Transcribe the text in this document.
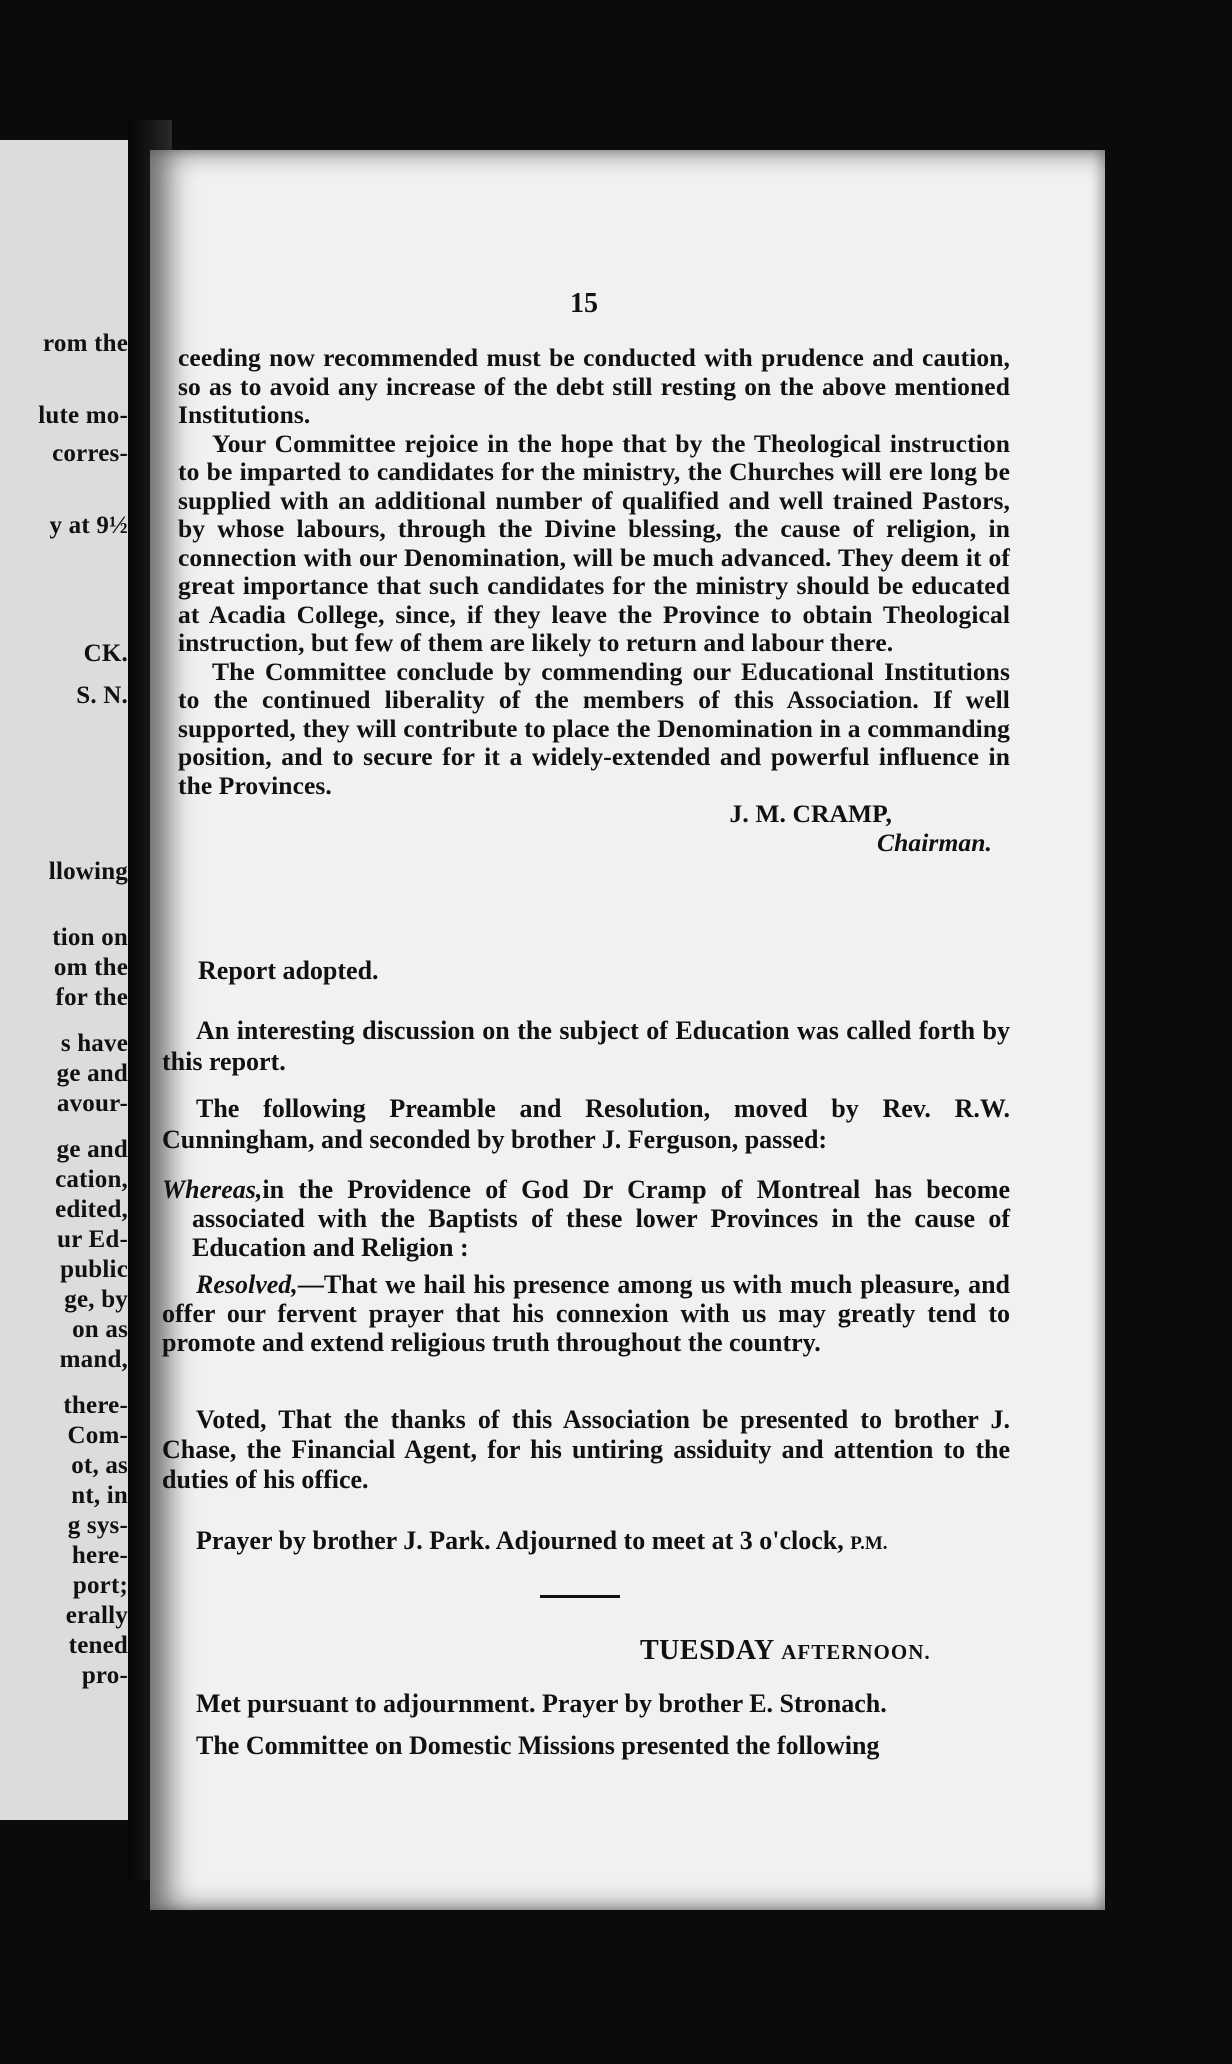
rom the
lute mo-
corres-
y at 9½
CK.
S. N.
llowing
tion on
om the
for the
s have
ge and
avour-
ge and
cation,
edited,
ur Ed-
public
ge, by
on as
mand,
there-
Com-
ot, as
nt, in
g sys-
here-
port;
erally
tened
pro-
15

ceeding now recommended must be conducted with prudence and caution, so as to avoid any increase of the debt still resting on the above mentioned Institutions.

Your Committee rejoice in the hope that by the Theological instruction to be imparted to candidates for the ministry, the Churches will ere long be supplied with an additional number of qualified and well trained Pastors, by whose labours, through the Divine blessing, the cause of religion, in connection with our Denomination, will be much advanced. They deem it of great importance that such candidates for the ministry should be educated at Acadia College, since, if they leave the Province to obtain Theological instruction, but few of them are likely to return and labour there.

The Committee conclude by commending our Educational Institutions to the continued liberality of the members of this Association. If well supported, they will contribute to place the Denomination in a commanding position, and to secure for it a widely-extended and powerful influence in the Provinces.

J. M. CRAMP,

Chairman.

Report adopted.

An interesting discussion on the subject of Education was called forth by this report.

The following Preamble and Resolution, moved by Rev. R.W. Cunningham, and seconded by brother J. Ferguson, passed:

Whereas,in the Providence of God Dr Cramp of Montreal has become associated with the Baptists of these lower Provinces in the cause of Education and Religion :

Resolved,—That we hail his presence among us with much pleasure, and offer our fervent prayer that his connexion with us may greatly tend to promote and extend religious truth throughout the country.

Voted, That the thanks of this Association be presented to brother J. Chase, the Financial Agent, for his untiring assiduity and attention to the duties of his office.

Prayer by brother J. Park. Adjourned to meet at 3 o'clock, P.M.

TUESDAY AFTERNOON.

Met pursuant to adjournment. Prayer by brother E. Stronach.

The Committee on Domestic Missions presented the following
